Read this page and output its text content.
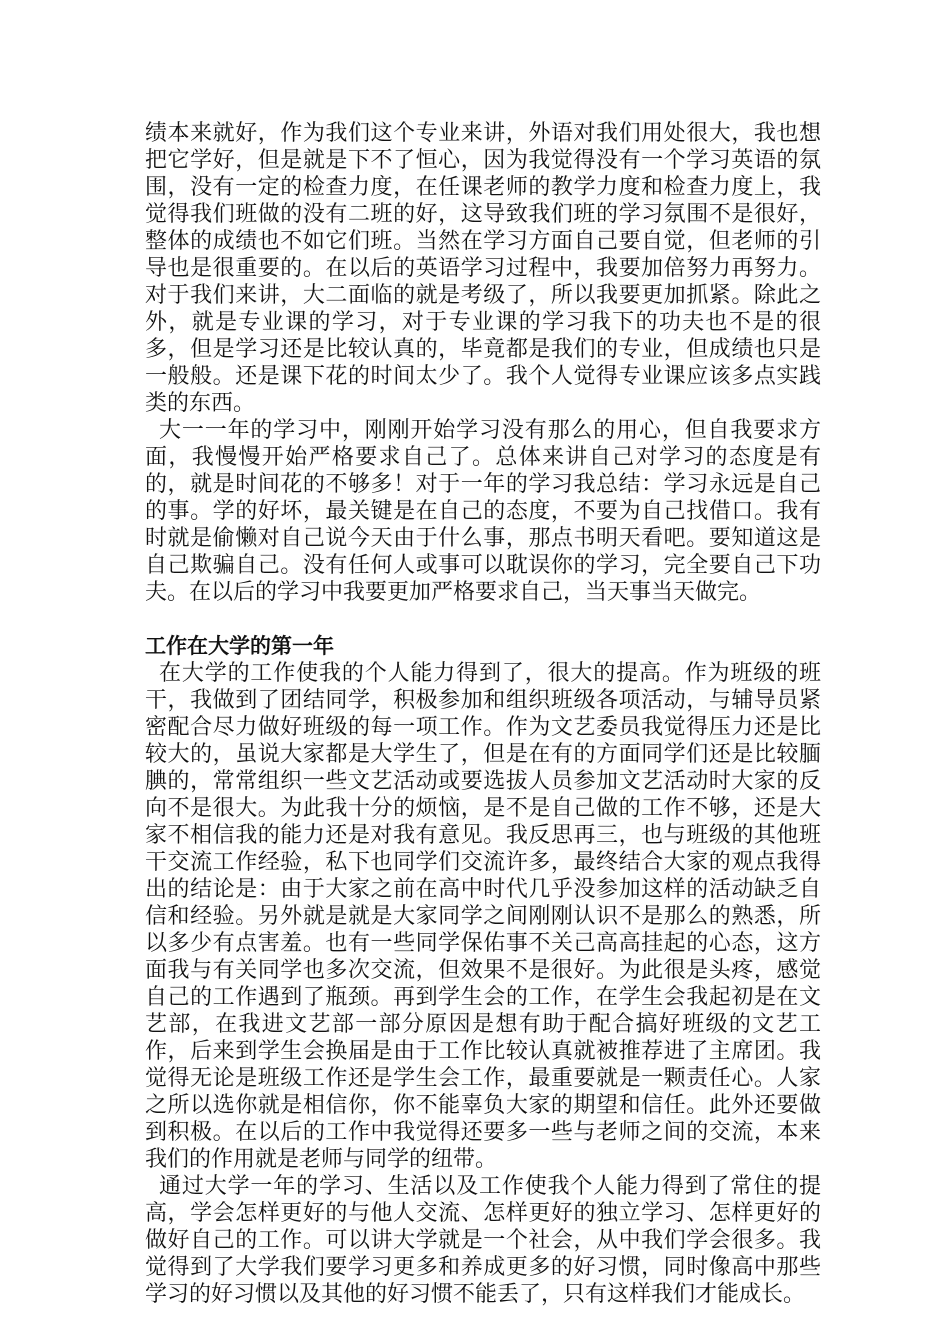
绩本来就好，作为我们这个专业来讲，外语对我们用处很大，我也想把它学好，但是就是下不了恒心，因为我觉得没有一个学习英语的氛围，没有一定的检查力度，在任课老师的教学力度和检查力度上，我觉得我们班做的没有二班的好，这导致我们班的学习氛围不是很好，整体的成绩也不如它们班。当然在学习方面自己要自觉，但老师的引导也是很重要的。在以后的英语学习过程中，我要加倍努力再努力。对于我们来讲，大二面临的就是考级了，所以我要更加抓紧。除此之外，就是专业课的学习，对于专业课的学习我下的功夫也不是的很多，但是学习还是比较认真的，毕竟都是我们的专业，但成绩也只是一般般。还是课下花的时间太少了。我个人觉得专业课应该多点实践类的东西。

大一一年的学习中，刚刚开始学习没有那么的用心，但自我要求方面，我慢慢开始严格要求自己了。总体来讲自己对学习的态度是有的，就是时间花的不够多！对于一年的学习我总结：学习永远是自己的事。学的好坏，最关键是在自己的态度，不要为自己找借口。我有时就是偷懒对自己说今天由于什么事，那点书明天看吧。要知道这是自己欺骗自己。没有任何人或事可以耽误你的学习，完全要自己下功夫。在以后的学习中我要更加严格要求自己，当天事当天做完。

工作在大学的第一年

在大学的工作使我的个人能力得到了，很大的提高。作为班级的班干，我做到了团结同学，积极参加和组织班级各项活动，与辅导员紧密配合尽力做好班级的每一项工作。作为文艺委员我觉得压力还是比较大的，虽说大家都是大学生了，但是在有的方面同学们还是比较腼腆的，常常组织一些文艺活动或要选拔人员参加文艺活动时大家的反向不是很大。为此我十分的烦恼，是不是自己做的工作不够，还是大家不相信我的能力还是对我有意见。我反思再三，也与班级的其他班干交流工作经验，私下也同学们交流许多，最终结合大家的观点我得出的结论是：由于大家之前在高中时代几乎没参加这样的活动缺乏自信和经验。另外就是就是大家同学之间刚刚认识不是那么的熟悉，所以多少有点害羞。也有一些同学保佑事不关己高高挂起的心态，这方面我与有关同学也多次交流，但效果不是很好。为此很是头疼，感觉自己的工作遇到了瓶颈。再到学生会的工作，在学生会我起初是在文艺部，在我进文艺部一部分原因是想有助于配合搞好班级的文艺工作，后来到学生会换届是由于工作比较认真就被推荐进了主席团。我觉得无论是班级工作还是学生会工作，最重要就是一颗责任心。人家之所以选你就是相信你，你不能辜负大家的期望和信任。此外还要做到积极。在以后的工作中我觉得还要多一些与老师之间的交流，本来我们的作用就是老师与同学的纽带。

通过大学一年的学习、生活以及工作使我个人能力得到了常住的提高，学会怎样更好的与他人交流、怎样更好的独立学习、怎样更好的做好自己的工作。可以讲大学就是一个社会，从中我们学会很多。我觉得到了大学我们要学习更多和养成更多的好习惯，同时像高中那些学习的好习惯以及其他的好习惯不能丢了，只有这样我们才能成长。
